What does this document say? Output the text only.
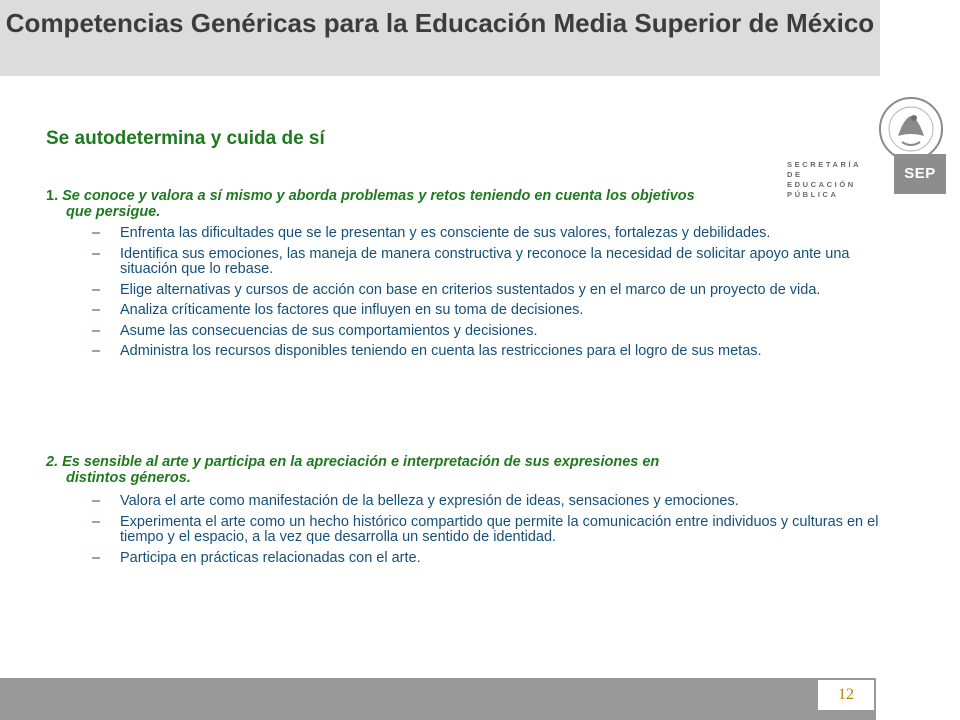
Competencias Genéricas para la Educación Media Superior de México
SECRETARÍA DE
EDUCACIÓN PÚBLICA
SEP
Se autodetermina y cuida de sí

1. Se conoce y valora a sí mismo y aborda problemas y retos teniendo en cuenta los objetivos
que persigue.

– Enfrenta las dificultades que se le presentan y es consciente de sus valores, fortalezas y debilidades.
– Identifica sus emociones, las maneja de manera constructiva y reconoce la necesidad de solicitar apoyo ante una situación que lo rebase.
– Elige alternativas y cursos de acción con base en criterios sustentados y en el marco de un proyecto de vida.
– Analiza críticamente los factores que influyen en su toma de decisiones.
– Asume las consecuencias de sus comportamientos y decisiones.
– Administra los recursos disponibles teniendo en cuenta las restricciones para el logro de sus metas.

2. Es sensible al arte y participa en la apreciación e interpretación de sus expresiones en
distintos géneros.

– Valora el arte como manifestación de la belleza y expresión de ideas, sensaciones y emociones.
– Experimenta el arte como un hecho histórico compartido que permite la comunicación entre individuos y culturas en el tiempo y el espacio, a la vez que desarrolla un sentido de identidad.
– Participa en prácticas relacionadas con el arte.
12
